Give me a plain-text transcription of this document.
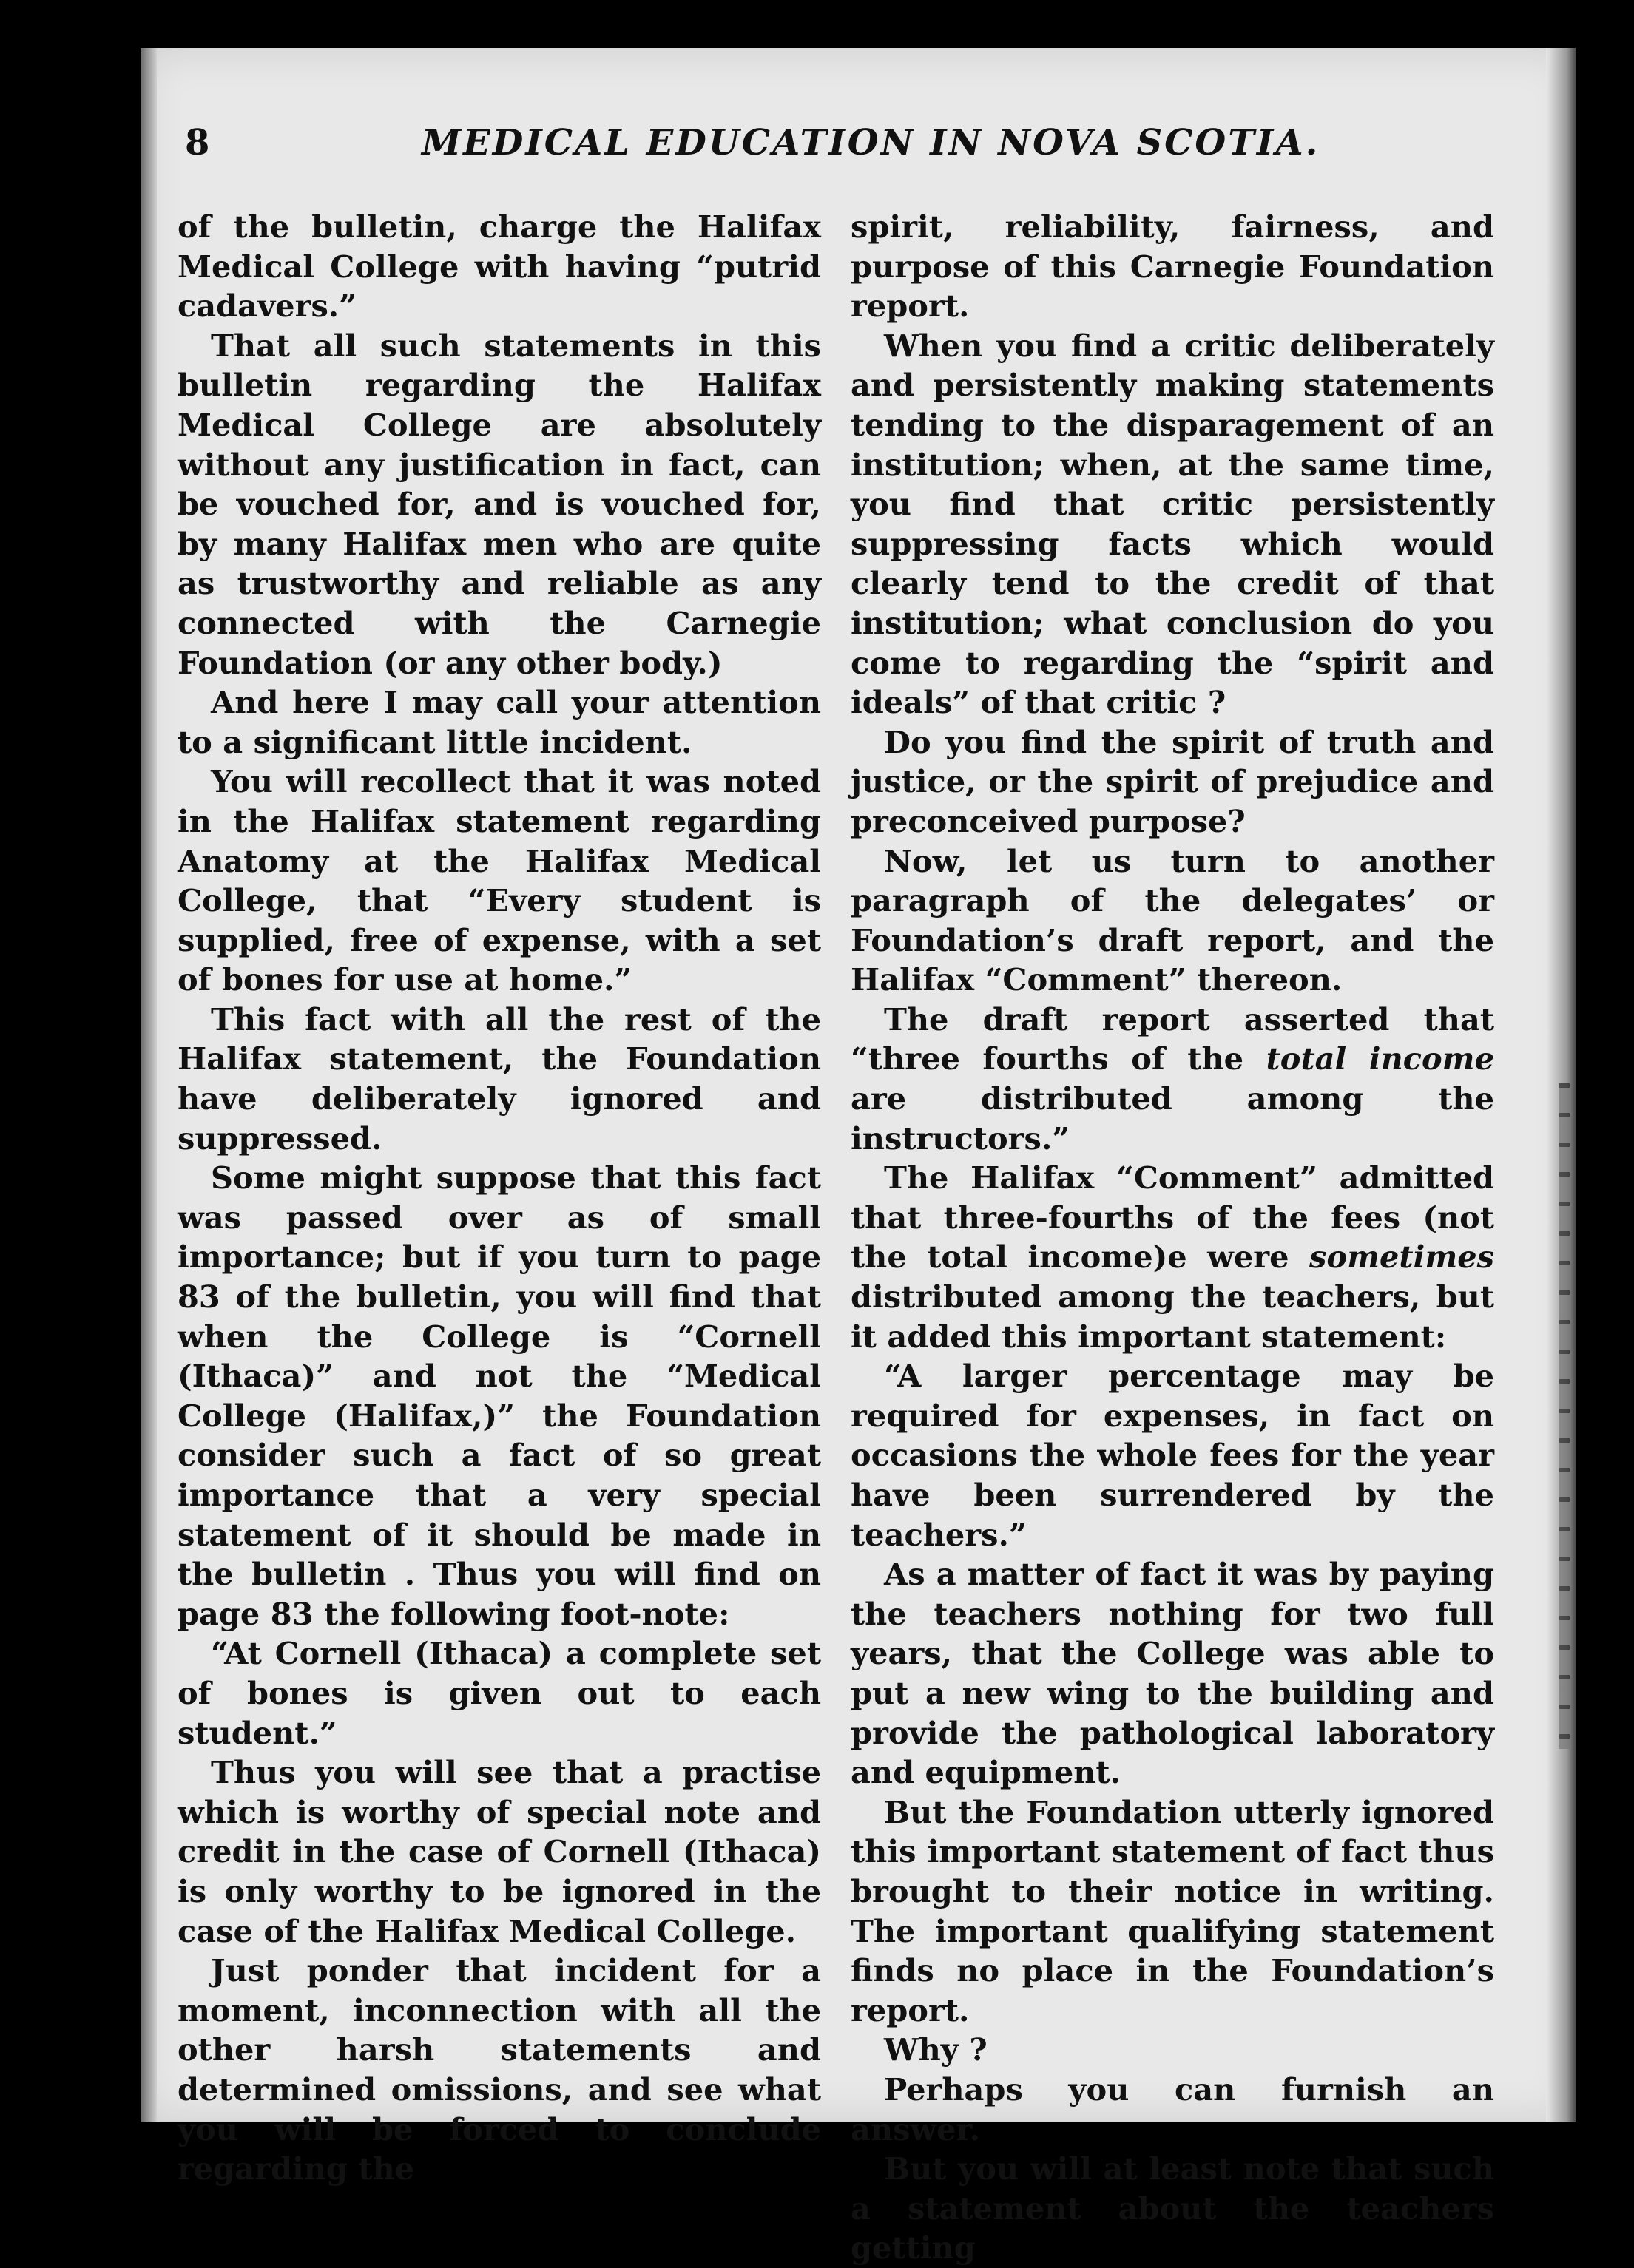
8	MEDICAL EDUCATION IN NOVA SCOTIA.

of the bulletin, charge the Halifax Medical College with having “putrid cadavers.”

That all such statements in this bulletin regarding the Halifax Medical College are absolutely without any justification in fact, can be vouched for, and is vouched for, by many Halifax men who are quite as trustworthy and reliable as any connected with the Carnegie Foundation (or any other body.)

And here I may call your attention to a significant little incident.

You will recollect that it was noted in the Halifax statement regarding Anatomy at the Halifax Medical College, that “Every student is supplied, free of expense, with a set of bones for use at home.”

This fact with all the rest of the Halifax statement, the Foundation have deliberately ignored and suppressed.

Some might suppose that this fact was passed over as of small importance; but if you turn to page 83 of the bulletin, you will find that when the College is “Cornell (Ithaca)” and not the “Medical College (Halifax,)” the Foundation consider such a fact of so great importance that a very special statement of it should be made in the bulletin . Thus you will find on page 83 the following foot-note:

“At Cornell (Ithaca) a complete set of bones is given out to each student.”

Thus you will see that a practise which is worthy of special note and credit in the case of Cornell (Ithaca) is only worthy to be ignored in the case of the Halifax Medical College.

Just ponder that incident for a moment, inconnection with all the other harsh statements and determined omissions, and see what you will be forced to conclude regarding the

spirit, reliability, fairness, and purpose of this Carnegie Foundation report.

When you find a critic deliberately and persistently making statements tending to the disparagement of an institution; when, at the same time, you find that critic persistently suppressing facts which would clearly tend to the credit of that institution; what conclusion do you come to regarding the “spirit and ideals” of that critic ?

Do you find the spirit of truth and justice, or the spirit of prejudice and preconceived purpose?

Now, let us turn to another paragraph of the delegates’ or Foundation’s draft report, and the Halifax “Comment” thereon.

The draft report asserted that “three fourths of the total income are distributed among the instructors.”

The Halifax “Comment” admitted that three-fourths of the fees (not the total income)e were sometimes distributed among the teachers, but it added this important statement:

“A larger percentage may be required for expenses, in fact on occasions the whole fees for the year have been surrendered by the teachers.”

As a matter of fact it was by paying the teachers nothing for two full years, that the College was able to put a new wing to the building and provide the pathological laboratory and equipment.

But the Foundation utterly ignored this important statement of fact thus brought to their notice in writing. The important qualifying statement finds no place in the Foundation’s report.

Why ?

Perhaps you can furnish an answer.

But you will at least note that such a statement about the teachers getting
